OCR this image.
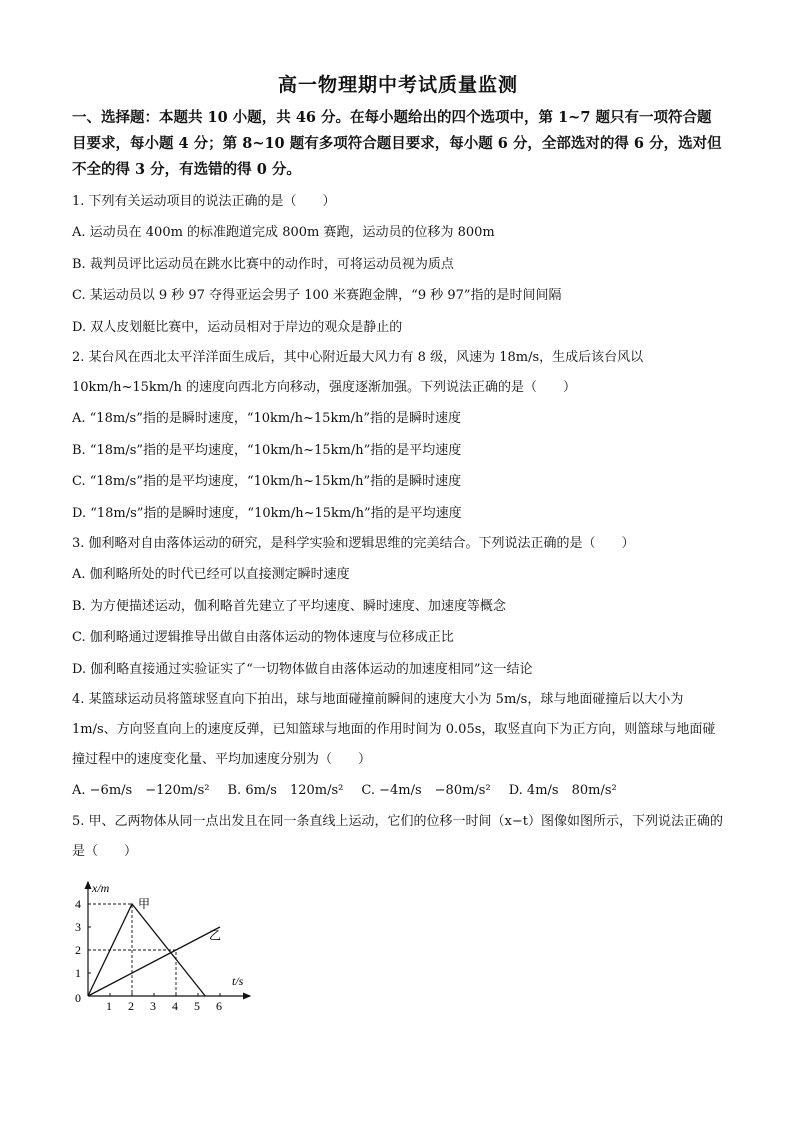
高一物理期中考试质量监测
一、选择题：本题共 10 小题，共 46 分。在每小题给出的四个选项中，第 1~7 题只有一项符合题目要求，每小题 4 分；第 8~10 题有多项符合题目要求，每小题 6 分，全部选对的得 6 分，选对但不全的得 3 分，有选错的得 0 分。

1. 下列有关运动项目的说法正确的是（　　）

A. 运动员在 400m 的标准跑道完成 800m 赛跑，运动员的位移为 800m

B. 裁判员评比运动员在跳水比赛中的动作时，可将运动员视为质点

C. 某运动员以 9 秒 97 夺得亚运会男子 100 米赛跑金牌，“9 秒 97”指的是时间间隔

D. 双人皮划艇比赛中，运动员相对于岸边的观众是静止的

2. 某台风在西北太平洋洋面生成后，其中心附近最大风力有 8 级，风速为 18m/s，生成后该台风以 10km/h~15km/h 的速度向西北方向移动，强度逐渐加强。下列说法正确的是（　　）

A. “18m/s”指的是瞬时速度，“10km/h~15km/h”指的是瞬时速度

B. “18m/s”指的是平均速度，“10km/h~15km/h”指的是平均速度

C. “18m/s”指的是平均速度，“10km/h~15km/h”指的是瞬时速度

D. “18m/s”指的是瞬时速度，“10km/h~15km/h”指的是平均速度

3. 伽利略对自由落体运动的研究，是科学实验和逻辑思维的完美结合。下列说法正确的是（　　）

A. 伽利略所处的时代已经可以直接测定瞬时速度

B. 为方便描述运动，伽利略首先建立了平均速度、瞬时速度、加速度等概念

C. 伽利略通过逻辑推导出做自由落体运动的物体速度与位移成正比

D. 伽利略直接通过实验证实了“一切物体做自由落体运动的加速度相同”这一结论

4. 某篮球运动员将篮球竖直向下拍出，球与地面碰撞前瞬间的速度大小为 5m/s，球与地面碰撞后以大小为 1m/s、方向竖直向上的速度反弹，已知篮球与地面的作用时间为 0.05s，取竖直向下为正方向，则篮球与地面碰撞过程中的速度变化量、平均加速度分别为（　　）

A. −6m/s　−120m/s² B. 6m/s　120m/s² C. −4m/s　−80m/s² D. 4m/s　80m/s²

5. 甲、乙两物体从同一点出发且在同一条直线上运动，它们的位移一时间（x−t）图像如图所示，下列说法正确的是（　　）

x/m
t/s
0
1 2 3 4 5 6
1
2
3
4	甲
乙
